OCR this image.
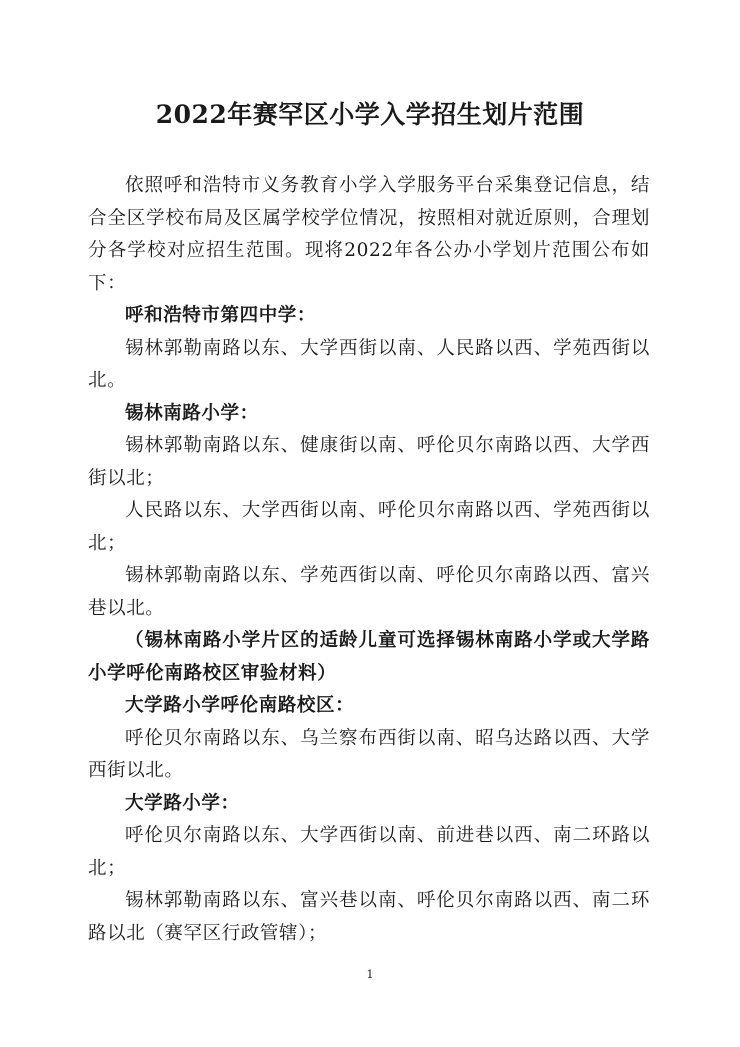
2022年赛罕区小学入学招生划片范围

依照呼和浩特市义务教育小学入学服务平台采集登记信息，结合全区学校布局及区属学校学位情况，按照相对就近原则，合理划分各学校对应招生范围。现将2022年各公办小学划片范围公布如下：

呼和浩特市第四中学：

锡林郭勒南路以东、大学西街以南、人民路以西、学苑西街以北。

锡林南路小学：

锡林郭勒南路以东、健康街以南、呼伦贝尔南路以西、大学西街以北；

人民路以东、大学西街以南、呼伦贝尔南路以西、学苑西街以北；

锡林郭勒南路以东、学苑西街以南、呼伦贝尔南路以西、富兴巷以北。

（锡林南路小学片区的适龄儿童可选择锡林南路小学或大学路小学呼伦南路校区审验材料）

大学路小学呼伦南路校区：

呼伦贝尔南路以东、乌兰察布西街以南、昭乌达路以西、大学西街以北。

大学路小学：

呼伦贝尔南路以东、大学西街以南、前进巷以西、南二环路以北；

锡林郭勒南路以东、富兴巷以南、呼伦贝尔南路以西、南二环路以北（赛罕区行政管辖）；

1
